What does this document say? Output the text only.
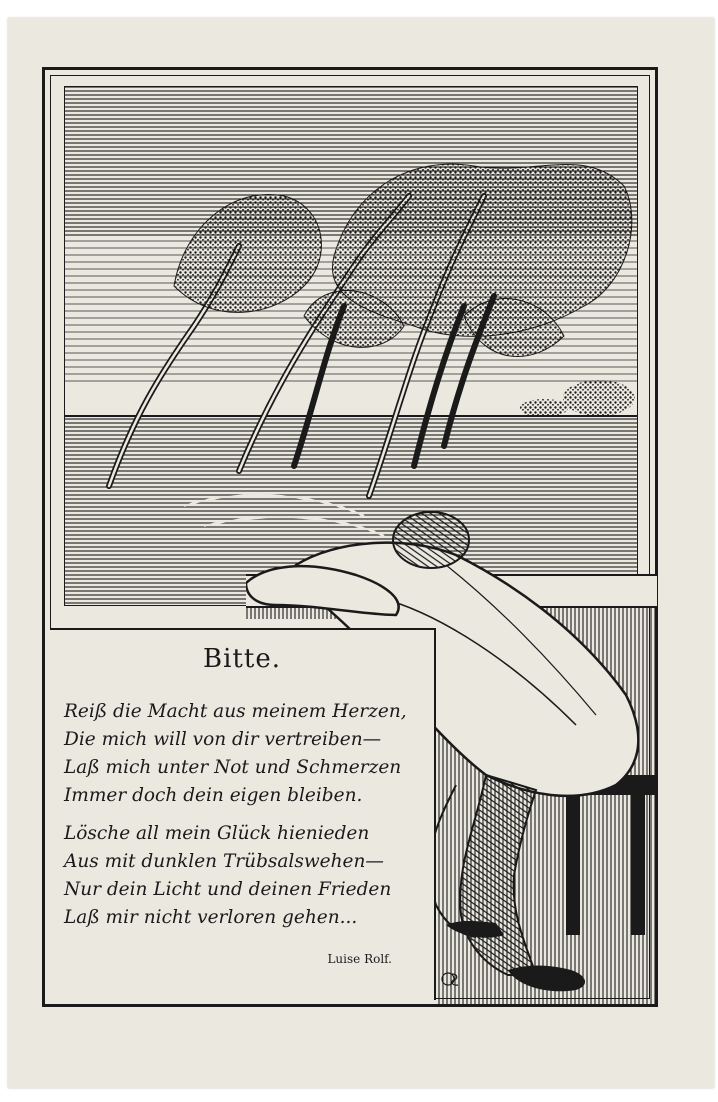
Bitte.
Reiß die Macht aus meinem Herzen,
Die mich will von dir vertreiben—
Laß mich unter Not und Schmerzen
Immer doch dein eigen bleiben.
Lösche all mein Glück hienieden
Aus mit dunklen Trübsalswehen—
Nur dein Licht und deinen Frieden
Laß mir nicht verloren gehen...
Luise Rolf.
